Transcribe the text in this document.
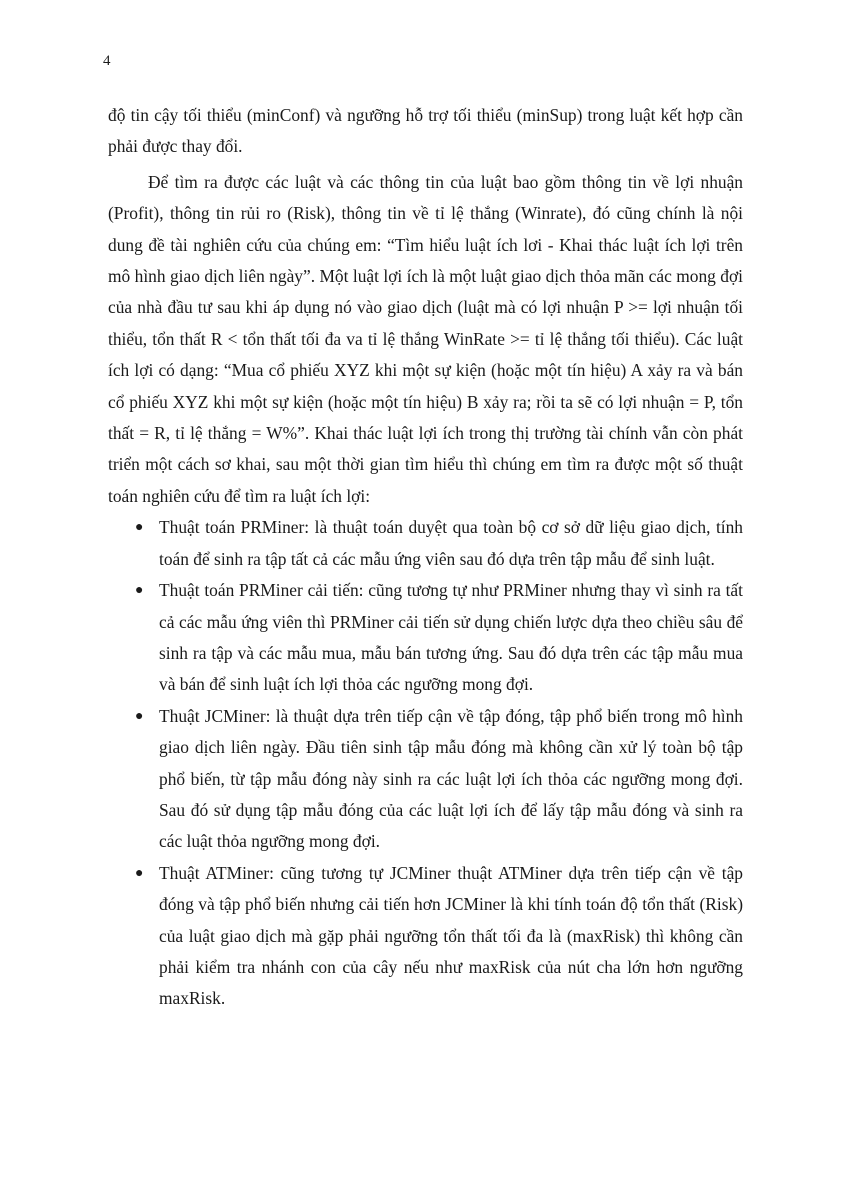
4

độ tin cậy tối thiểu (minConf) và ngưỡng hỗ trợ tối thiểu (minSup) trong luật kết hợp cần phải được thay đổi.

Để tìm ra được các luật và các thông tin của luật bao gồm thông tin về lợi nhuận (Profit), thông tin rủi ro (Risk), thông tin về tỉ lệ thắng (Winrate), đó cũng chính là nội dung đề tài nghiên cứu của chúng em: “Tìm hiểu luật ích lơi - Khai thác luật ích lợi trên mô hình giao dịch liên ngày”. Một luật lợi ích là một luật giao dịch thỏa mãn các mong đợi của nhà đầu tư sau khi áp dụng nó vào giao dịch (luật mà có lợi nhuận P >= lợi nhuận tối thiểu, tổn thất R < tổn thất tối đa va tỉ lệ thắng WinRate >= tỉ lệ thắng tối thiểu). Các luật ích lợi có dạng: “Mua cổ phiếu XYZ khi một sự kiện (hoặc một tín hiệu) A xảy ra và bán cổ phiếu XYZ khi một sự kiện (hoặc một tín hiệu) B xảy ra; rồi ta sẽ có lợi nhuận = P, tổn thất = R, tỉ lệ thắng = W%”. Khai thác luật lợi ích trong thị trường tài chính vẫn còn phát triển một cách sơ khai, sau một thời gian tìm hiểu thì chúng em tìm ra được một số thuật toán nghiên cứu để tìm ra luật ích lợi:

● Thuật toán PRMiner: là thuật toán duyệt qua toàn bộ cơ sở dữ liệu giao dịch, tính toán để sinh ra tập tất cả các mẫu ứng viên sau đó dựa trên tập mẫu để sinh luật.
● Thuật toán PRMiner cải tiến: cũng tương tự như PRMiner nhưng thay vì sinh ra tất cả các mẫu ứng viên thì PRMiner cải tiến sử dụng chiến lược dựa theo chiều sâu để sinh ra tập và các mẫu mua, mẫu bán tương ứng. Sau đó dựa trên các tập mẫu mua và bán để sinh luật ích lợi thỏa các ngưỡng mong đợi.
● Thuật JCMiner: là thuật dựa trên tiếp cận về tập đóng, tập phổ biến trong mô hình giao dịch liên ngày. Đầu tiên sinh tập mẫu đóng mà không cần xử lý toàn bộ tập phổ biến, từ tập mẫu đóng này sinh ra các luật lợi ích thỏa các ngưỡng mong đợi. Sau đó sử dụng tập mẫu đóng của các luật lợi ích để lấy tập mẫu đóng và sinh ra các luật thỏa ngưỡng mong đợi.
● Thuật ATMiner: cũng tương tự JCMiner thuật ATMiner dựa trên tiếp cận về tập đóng và tập phổ biến nhưng cải tiến hơn JCMiner là khi tính toán độ tổn thất (Risk) của luật giao dịch mà gặp phải ngưỡng tổn thất tối đa là (maxRisk) thì không cần phải kiểm tra nhánh con của cây nếu như maxRisk của nút cha lớn hơn ngưỡng maxRisk.
